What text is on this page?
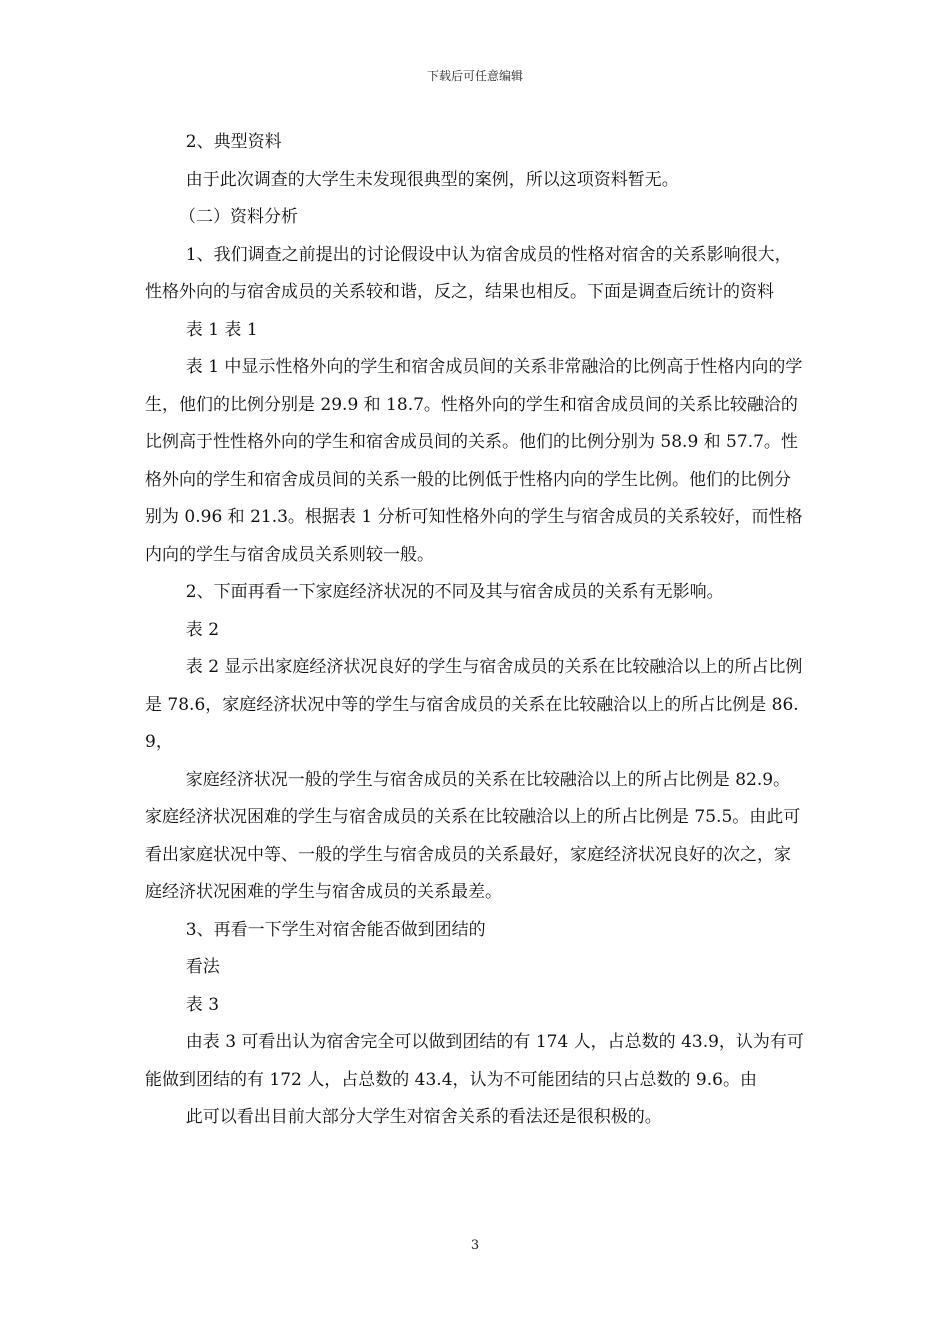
下载后可任意编辑

2、典型资料

由于此次调查的大学生未发现很典型的案例，所以这项资料暂无。

（二）资料分析

1、我们调查之前提出的讨论假设中认为宿舍成员的性格对宿舍的关系影响很大，性格外向的与宿舍成员的关系较和谐，反之，结果也相反。下面是调查后统计的资料

表 1 表 1

表 1 中显示性格外向的学生和宿舍成员间的关系非常融洽的比例高于性格内向的学生，他们的比例分别是 29.9 和 18.7。性格外向的学生和宿舍成员间的关系比较融洽的比例高于性性格外向的学生和宿舍成员间的关系。他们的比例分别为 58.9 和 57.7。性格外向的学生和宿舍成员间的关系一般的比例低于性格内向的学生比例。他们的比例分别为 0.96 和 21.3。根据表 1 分析可知性格外向的学生与宿舍成员的关系较好，而性格内向的学生与宿舍成员关系则较一般。

2、下面再看一下家庭经济状况的不同及其与宿舍成员的关系有无影响。

表 2

表 2 显示出家庭经济状况良好的学生与宿舍成员的关系在比较融洽以上的所占比例是 78.6，家庭经济状况中等的学生与宿舍成员的关系在比较融洽以上的所占比例是 86.9，

家庭经济状况一般的学生与宿舍成员的关系在比较融洽以上的所占比例是 82.9。家庭经济状况困难的学生与宿舍成员的关系在比较融洽以上的所占比例是 75.5。由此可看出家庭状况中等、一般的学生与宿舍成员的关系最好，家庭经济状况良好的次之，家庭经济状况困难的学生与宿舍成员的关系最差。

3、再看一下学生对宿舍能否做到团结的

看法

表 3

由表 3 可看出认为宿舍完全可以做到团结的有 174 人，占总数的 43.9，认为有可能做到团结的有 172 人，占总数的 43.4，认为不可能团结的只占总数的 9.6。由

此可以看出目前大部分大学生对宿舍关系的看法还是很积极的。

3
